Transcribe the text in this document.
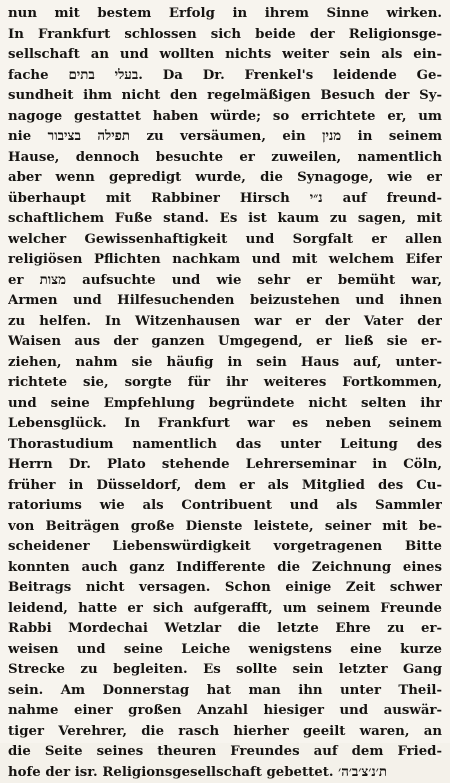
nun mit bestem Erfolg in ihrem Sinne wirken.
In Frankfurt schlossen sich beide der Religionsge-
sellschaft an und wollten nichts weiter sein als ein-
fache בעלי בתים. Da Dr. Frenkel's leidende Ge-
sundheit ihm nicht den regelmäßigen Besuch der Sy-
nagoge gestattet haben würde; so errichtete er, um
nie תפילה בציבור zu versäumen, ein מנין in seinem
Hause, dennoch besuchte er zuweilen, namentlich
aber wenn gepredigt wurde, die Synagoge, wie er
überhaupt mit Rabbiner Hirsch נ״י auf freund-
schaftlichem Fuße stand. Es ist kaum zu sagen, mit
welcher Gewissenhaftigkeit und Sorgfalt er allen
religiösen Pflichten nachkam und mit welchem Eifer
er מצות aufsuchte und wie sehr er bemüht war,
Armen und Hilfesuchenden beizustehen und ihnen
zu helfen. In Witzenhausen war er der Vater der
Waisen aus der ganzen Umgegend, er ließ sie er-
ziehen, nahm sie häufig in sein Haus auf, unter-
richtete sie, sorgte für ihr weiteres Fortkommen,
und seine Empfehlung begründete nicht selten ihr
Lebensglück. In Frankfurt war es neben seinem
Thorastudium namentlich das unter Leitung des
Herrn Dr. Plato stehende Lehrerseminar in Cöln,
früher in Düsseldorf, dem er als Mitglied des Cu-
ratoriums wie als Contribuent und als Sammler
von Beiträgen große Dienste leistete, seiner mit be-
scheidener Liebenswürdigkeit vorgetragenen Bitte
konnten auch ganz Indifferente die Zeichnung eines
Beitrags nicht versagen. Schon einige Zeit schwer
leidend, hatte er sich aufgerafft, um seinem Freunde
Rabbi Mordechai Wetzlar die letzte Ehre zu er-
weisen und seine Leiche wenigstens eine kurze
Strecke zu begleiten. Es sollte sein letzter Gang
sein. Am Donnerstag hat man ihn unter Theil-
nahme einer großen Anzahl hiesiger und auswär-
tiger Verehrer, die rasch hierher geeilt waren, an
die Seite seines theuren Freundes auf dem Fried-
hofe der isr. Religionsgesellschaft gebettet. ת׳נ׳צ׳ב׳ה׳
